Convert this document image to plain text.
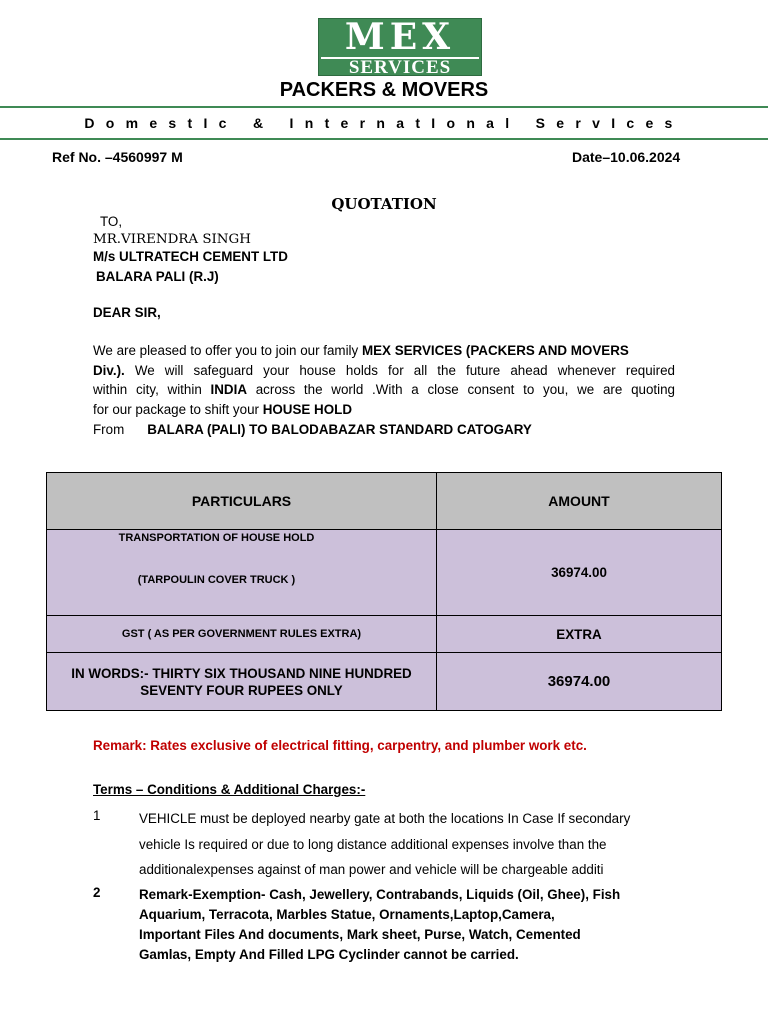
MEX
SERVICES
PACKERS & MOVERS
DomestIc & InternatIonal ServIces
Ref No. –4560997 M	Date–10.06.2024
QUOTATION
TO,
MR.VIRENDRA SINGH
M/s ULTRATECH CEMENT LTD
BALARA PALI (R.J)
DEAR SIR,
We are pleased to offer you to join our family MEX SERVICES (PACKERS AND MOVERS
Div.). We will safeguard your house holds for all the future ahead whenever required
within city, within INDIA across the world .With a close consent to you, we are quoting
for our package to shift your HOUSE HOLD
From BALARA (PALI) TO BALODABAZAR STANDARD CATOGARY
PARTICULARS	AMOUNT

TRANSPORTATION OF HOUSE HOLD
(TARPOULIN COVER TRUCK )	36974.00
GST ( AS PER GOVERNMENT RULES EXTRA)	EXTRA

IN WORDS:- THIRTY SIX THOUSAND NINE HUNDRED
SEVENTY FOUR RUPEES ONLY	36974.00
Remark: Rates exclusive of electrical fitting, carpentry, and plumber work etc.
Terms – Conditions & Additional Charges:-
1	VEHICLE must be deployed nearby gate at both the locations In Case If secondary
vehicle Is required or due to long distance additional expenses involve than the
additionalexpenses against of man power and vehicle will be chargeable additi
2	Remark-Exemption- Cash, Jewellery, Contrabands, Liquids (Oil, Ghee), Fish
Aquarium, Terracota, Marbles Statue, Ornaments,Laptop,Camera,
Important Files And documents, Mark sheet, Purse, Watch, Cemented
Gamlas, Empty And Filled LPG Cyclinder cannot be carried.
